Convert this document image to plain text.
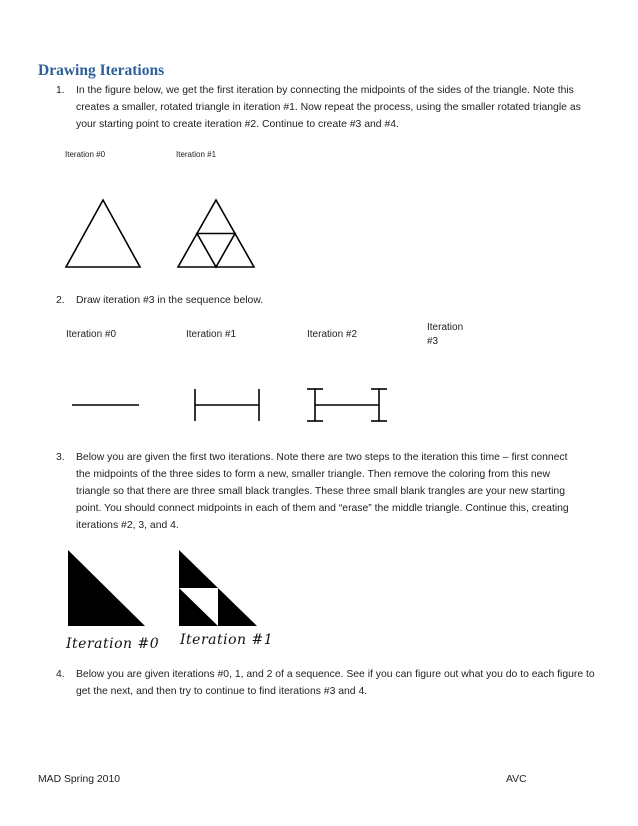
Drawing Iterations
1. In the figure below, we get the first iteration by connecting the midpoints of the sides of the triangle. Note this
creates a smaller, rotated triangle in iteration #1. Now repeat the process, using the smaller rotated triangle as
your starting point to create iteration #2. Continue to create #3 and #4.
Iteration #0	Iteration #1
2. Draw iteration #3 in the sequence below.
Iteration #0	Iteration #1	Iteration #2
Iteration
#3
3. Below you are given the first two iterations. Note there are two steps to the iteration this time – first connect
the midpoints of the three sides to form a new, smaller triangle. Then remove the coloring from this new
triangle so that there are three small black trangles. These three small blank trangles are your new starting
point. You should connect midpoints in each of them and “erase” the middle triangle. Continue this, creating
iterations #2, 3, and 4.
Iteration #0 Iteration #1
4. Below you are given iterations #0, 1, and 2 of a sequence. See if you can figure out what you do to each figure to
get the next, and then try to continue to find iterations #3 and 4.
MAD Spring 2010	AVC
